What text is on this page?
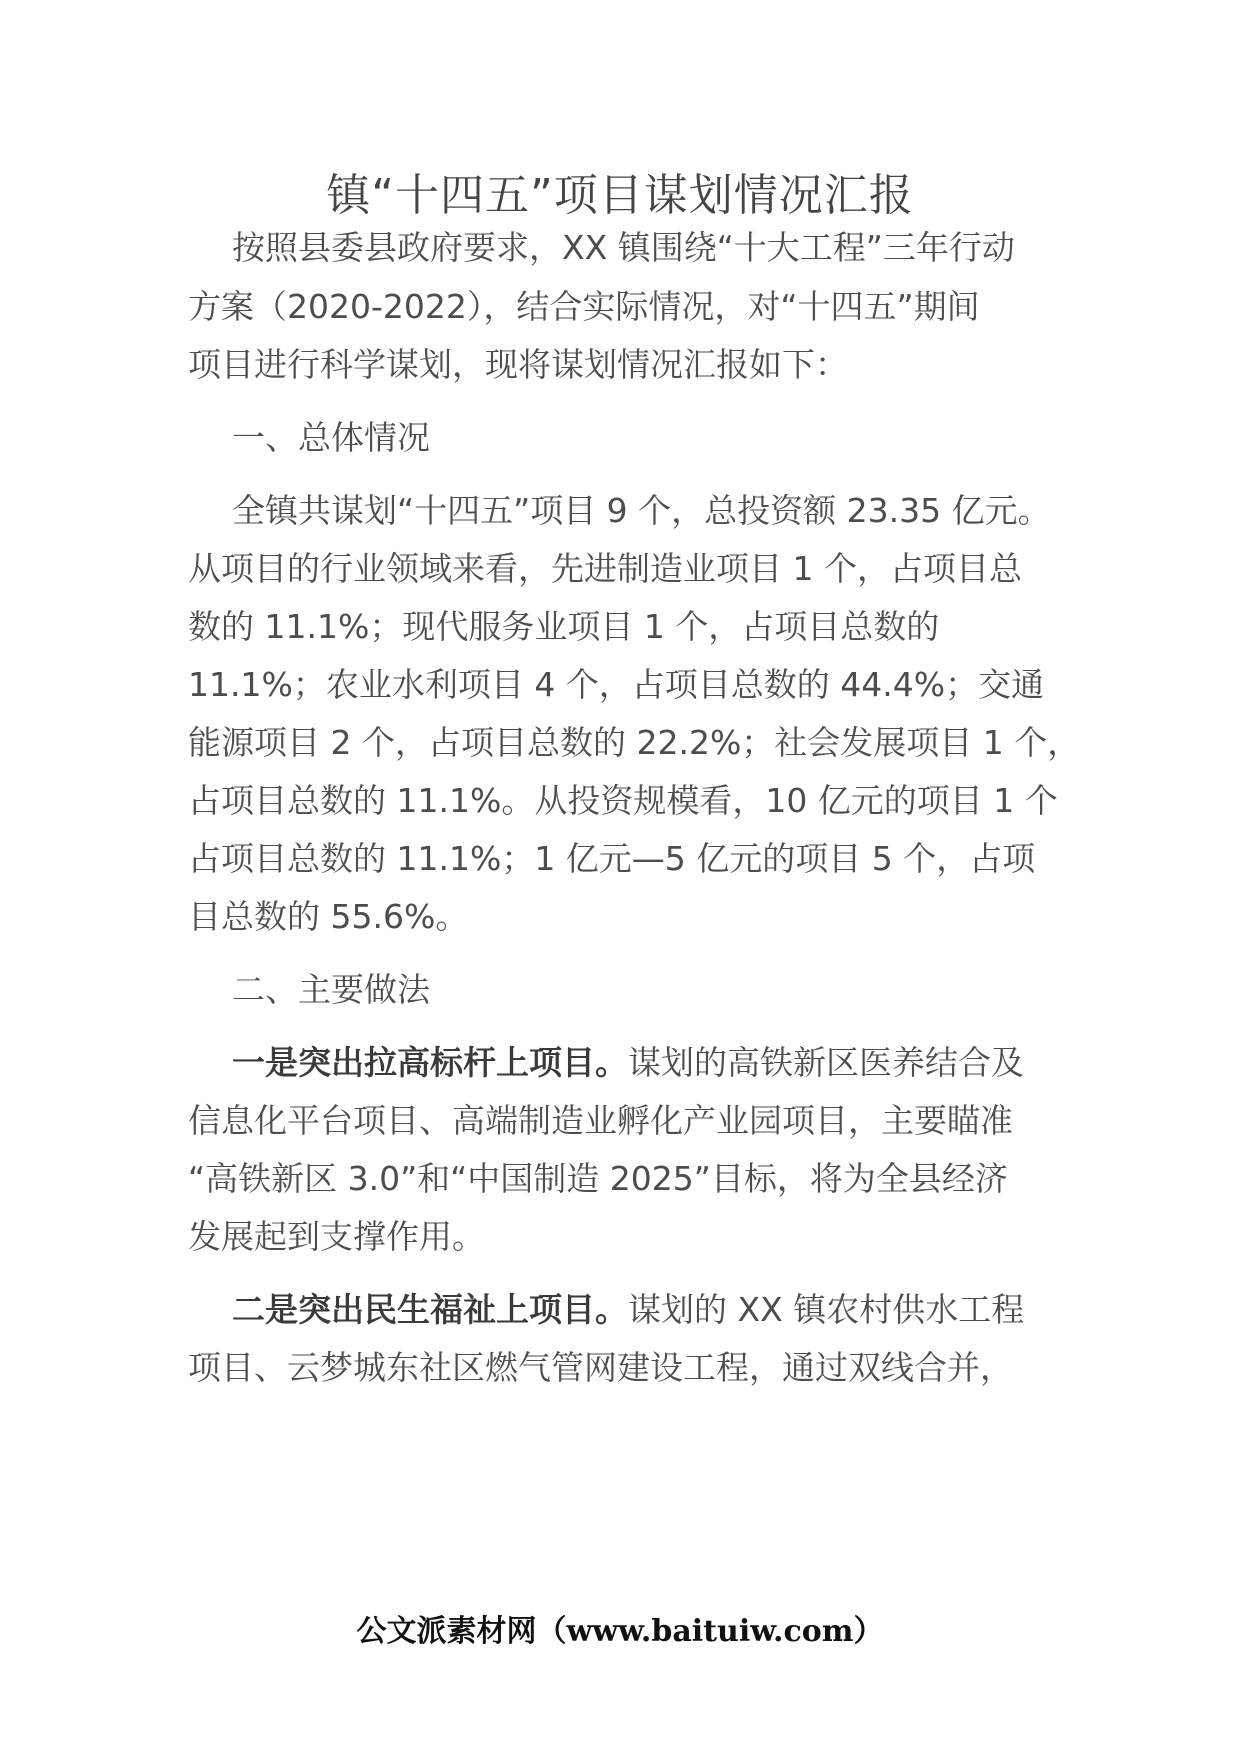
镇“十四五”项目谋划情况汇报
按照县委县政府要求，XX 镇围绕“十大工程”三年行动
方案（2020-2022），结合实际情况，对“十四五”期间
项目进行科学谋划，现将谋划情况汇报如下：
一、总体情况
全镇共谋划“十四五”项目 9 个，总投资额 23.35 亿元。
从项目的行业领域来看，先进制造业项目 1 个，占项目总
数的 11.1%；现代服务业项目 1 个，占项目总数的
11.1%；农业水利项目 4 个，占项目总数的 44.4%；交通
能源项目 2 个，占项目总数的 22.2%；社会发展项目 1 个，
占项目总数的 11.1%。从投资规模看，10 亿元的项目 1 个
占项目总数的 11.1%；1 亿元—5 亿元的项目 5 个，占项
目总数的 55.6%。
二、主要做法
一是突出拉高标杆上项目。谋划的高铁新区医养结合及
信息化平台项目、高端制造业孵化产业园项目，主要瞄准
“高铁新区 3.0”和“中国制造 2025”目标，将为全县经济
发展起到支撑作用。
二是突出民生福祉上项目。谋划的 XX 镇农村供水工程
项目、云梦城东社区燃气管网建设工程，通过双线合并，
公文派素材网（www.baituiw.com）
